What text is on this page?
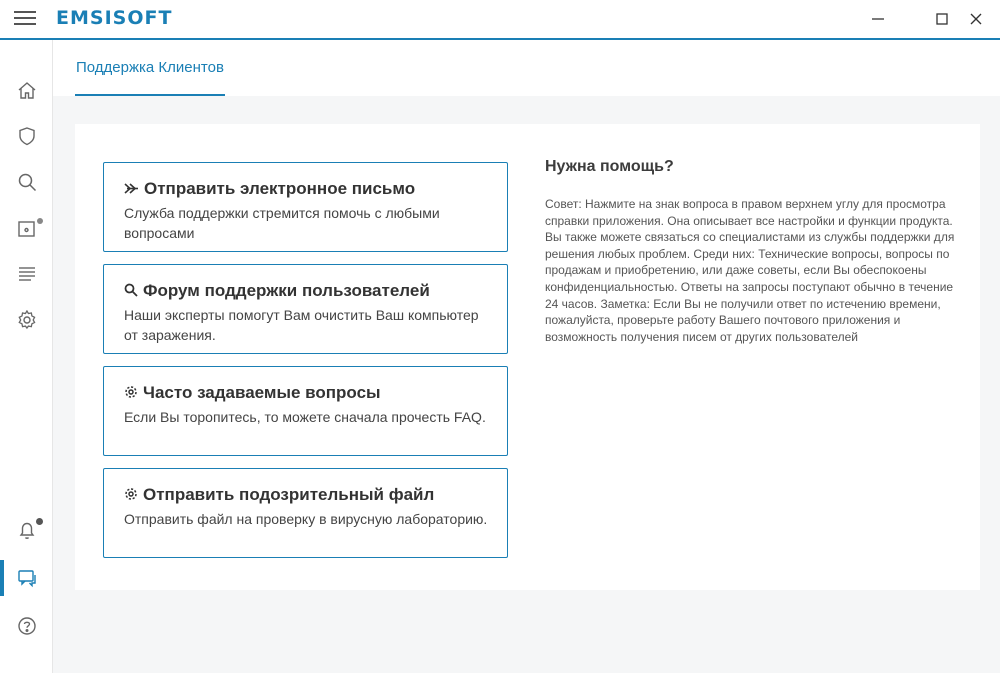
EMSISOFT
Поддержка Клиентов
Отправить электронное письмо
Служба поддержки стремится помочь с любыми вопросами
Форум поддержки пользователей
Наши эксперты помогут Вам очистить Ваш компьютер от заражения.
Часто задаваемые вопросы
Если Вы торопитесь, то можете сначала прочесть FAQ.
Отправить подозрительный файл
Отправить файл на проверку в вирусную лабораторию.
Нужна помощь?
Совет: Нажмите на знак вопроса в правом верхнем углу для просмотра справки приложения. Она описывает все настройки и функции продукта. Вы также можете связаться со специалистами из службы поддержки для решения любых проблем. Среди них: Технические вопросы, вопросы по продажам и приобретению, или даже советы, если Вы обеспокоены конфиденциальностью. Ответы на запросы поступают обычно в течение 24 часов. Заметка: Если Вы не получили ответ по истечению времени, пожалуйста, проверьте работу Вашего почтового приложения и возможность получения писем от других пользователей
